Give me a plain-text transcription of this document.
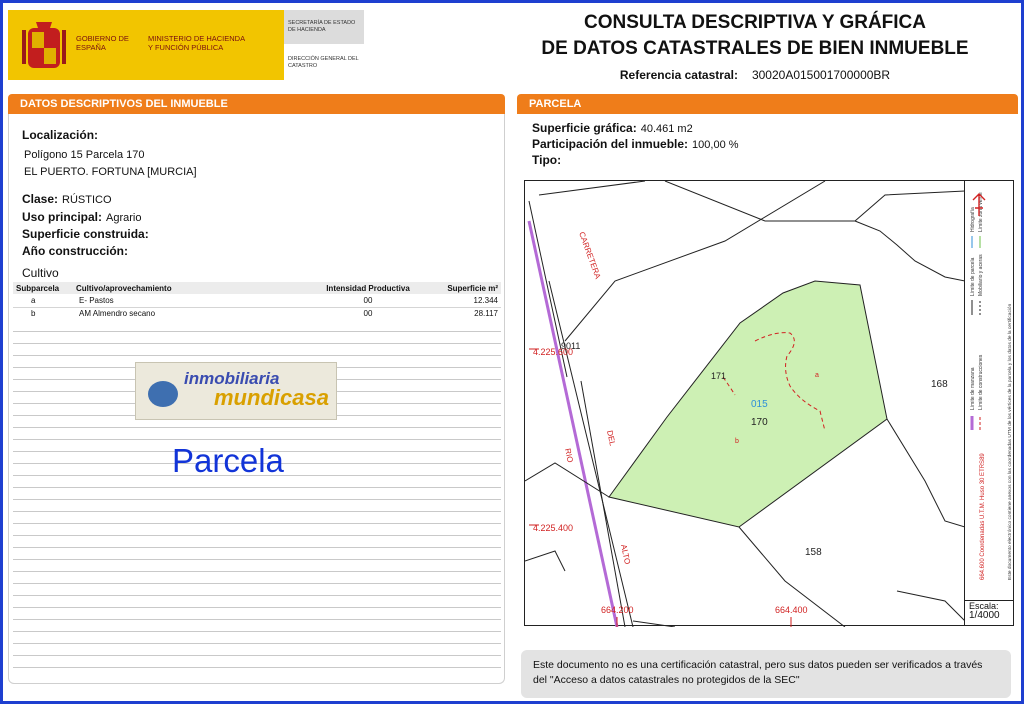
GOBIERNO DE ESPAÑA
MINISTERIO DE HACIENDA Y FUNCIÓN PÚBLICA
SECRETARÍA DE ESTADO DE HACIENDA
DIRECCIÓN GENERAL DEL CATASTRO
CONSULTA DESCRIPTIVA Y GRÁFICA
DE DATOS CATASTRALES DE BIEN INMUEBLE
Referencia catastral: 30020A015001700000BR
DATOS DESCRIPTIVOS DEL INMUEBLE
Localización:
Polígono 15 Parcela 170
EL PUERTO. FORTUNA [MURCIA]
Clase: RÚSTICO
Uso principal: Agrario
Superficie construida:
Año construcción:
Cultivo
Subparcela	Cultivo/aprovechamiento	Intensidad Productiva	Superficie m²
a	E- Pastos	00	12.344
b	AM Almendro secano	00	28.117
inmobiliaria
mundicasa
Parcela
PARCELA
Superficie gráfica: 40.461 m2
Participación del inmueble: 100,00 %
Tipo:
CARRETERA
9011
171
015
170
168
158
4.225.600
4.225.400
664.200	664.400
DEL
RIO
ALTO
a
b
664.600 Coordenadas U.T.M. Huso 30 ETRS89	Este documento electrónico contiene anexos con las coordenadas UTM de los vértices de la parcela y los datos de la certificación
Límite de manzana Límite de construcciones
Límite de parcela Mobiliario y aceras
Hidrografía Límite zona verde
Escala:
1/4000
Este documento no es una certificación catastral, pero sus datos pueden ser verificados a través del "Acceso a datos catastrales no protegidos de la SEC"
